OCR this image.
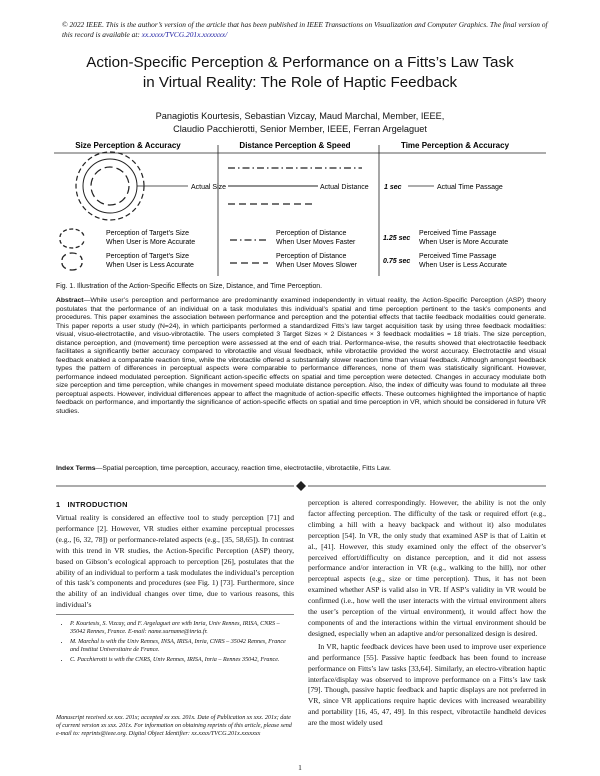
© 2022 IEEE. This is the author’s version of the article that has been published in IEEE Transactions on Visualization and Computer Graphics. The final version of this record is available at: xx.xxxx/TVCG.201x.xxxxxxx/
Action-Specific Perception & Performance on a Fitts’s Law Task
in Virtual Reality: The Role of Haptic Feedback
Panagiotis Kourtesis, Sebastian Vizcay, Maud Marchal, Member, IEEE,
Claudio Pacchierotti, Senior Member, IEEE, Ferran Argelaguet
Size Perception & Accuracy	Distance Perception & Speed	Time Perception & Accuracy
Actual Size
Perception of Target’s Size
When User is More Accurate
Perception of Target’s Size
When User is Less Accurate
Actual Distance
Perception of Distance
When User Moves Faster
Perception of Distance
When User Moves Slower
1 sec	Actual Time Passage
1.25 sec
Perceived Time Passage
When User is More Accurate
0.75 sec
Perceived Time Passage
When User is Less Accurate
Fig. 1. Illustration of the Action-Specific Effects on Size, Distance, and Time Perception.
Abstract—While user’s perception and performance are predominantly examined independently in virtual reality, the Action-Specific Perception (ASP) theory postulates that the performance of an individual on a task modulates this individual’s spatial and time perception pertinent to the task’s components and procedures. This paper examines the association between performance and perception and the potential effects that tactile feedback modalities could generate. This paper reports a user study (N=24), in which participants performed a standardized Fitts’s law target acquisition task by using three feedback modalities: visual, visuo-electrotactile, and visuo-vibrotactile. The users completed 3 Target Sizes × 2 Distances × 3 feedback modalities = 18 trials. The size perception, distance perception, and (movement) time perception were assessed at the end of each trial. Performance-wise, the results showed that electrotactile feedback facilitates a significantly better accuracy compared to vibrotactile and visual feedback, while vibrotactile provided the worst accuracy. Electrotactile and visual feedback enabled a comparable reaction time, while the vibrotactile offered a substantially slower reaction time than visual feedback. Although amongst feedback types the pattern of differences in perceptual aspects were comparable to performance differences, none of them was statistically significant. However, performance indeed modulated perception. Significant action-specific effects on spatial and time perception were detected. Changes in accuracy modulate both size perception and time perception, while changes in movement speed modulate distance perception. Also, the index of difficulty was found to modulate all three perceptual aspects. However, individual differences appear to affect the magnitude of action-specific effects. These outcomes highlighted the importance of haptic feedback on performance, and importantly the significance of action-specific effects on spatial and time perception in VR, which should be considered in future VR studies.
Index Terms—Spatial perception, time perception, accuracy, reaction time, electrotactile, vibrotactile, Fitts Law.
1 INTRODUCTION
Virtual reality is considered an effective tool to study perception [71] and performance [2]. However, VR studies either examine perceptual processes (e.g., [6, 32, 78]) or performance-related aspects (e.g., [35, 58,65]). In contrast with this trend in VR studies, the Action-Specific Perception (ASP) theory, based on Gibson’s ecological approach to perception [26], postulates that the ability of an individual to perform a task modulates the individual’s perception of this task’s components and procedures (see Fig. 1) [73]. Furthermore, since the ability of an individual changes over time, due to various reasons, this individual’s
• P. Kourtesis, S. Vizcay, and F. Argelaguet are with Inria, Univ Rennes, IRISA, CNRS – 35042 Rennes, France. E-mail: name.surname@inria.fr.
• M. Marchal is with the Univ Rennes, INSA, IRISA, Inria, CNRS – 35042 Rennes, France and Institut Universitaire de France.
• C. Pacchierotti is with the CNRS, Univ Rennes, IRISA, Inria – Rennes 35042, France.
Manuscript received xx xxx. 201x; accepted xx xxx. 201x. Date of Publication xx xxx. 201x; date of current version xx xxx. 201x. For information on obtaining reprints of this article, please send e-mail to: reprints@ieee.org. Digital Object Identifier: xx.xxxx/TVCG.201x.xxxxxxx

perception is altered correspondingly. However, the ability is not the only factor affecting perception. The difficulty of the task or required effort (e.g., climbing a hill with a heavy backpack and without it) also modulates perception [54]. In VR, the only study that examined ASP is that of Laitin et al., [41]. However, this study examined only the effect of the observer’s perceived effort/difficulty on distance perception, and it did not assess performance and/or interaction in VR (e.g., walking to the hill), nor other perceptual aspects (e.g., size or time perception). Thus, it has not been examined whether ASP is valid also in VR. If ASP’s validity in VR would be confirmed (i.e., how well the user interacts with the virtual environment alters the user’s perception of the virtual environment), it would affect how the components of and the interactions within the virtual environment should be designed, especially when an adaptive and/or personalized design is desired.

In VR, haptic feedback devices have been used to improve user experience and performance [55]. Passive haptic feedback has been found to increase performance on Fitts’s law tasks [33,64]. Similarly, an electro-vibration haptic interface/display was observed to improve performance on a Fitts’s law task [79]. Though, passive haptic feedback and haptic displays are not preferred in VR, since VR applications require haptic devices with increased wearability and portability [16, 45, 47, 49]. In this respect, vibrotactile handheld devices are the most widely used

1
